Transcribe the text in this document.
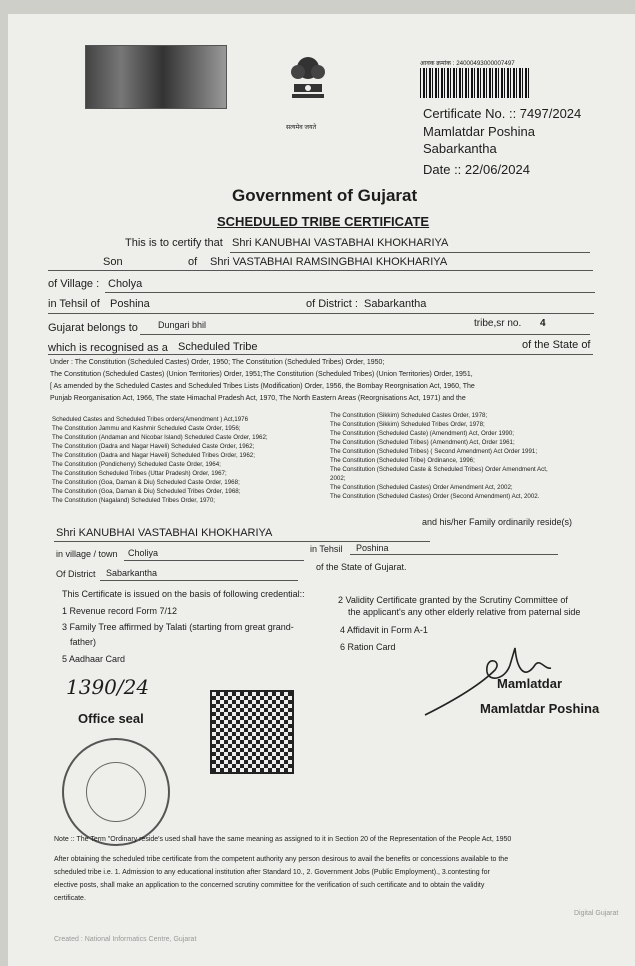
सत्यमेव जयते
आवक क्रमांक : 24000493000007497
Certificate No. :: 7497/2024
Mamlatdar Poshina
Sabarkantha
Date :: 22/06/2024
Government of Gujarat
SCHEDULED TRIBE CERTIFICATE
This is to certify that Shri KANUBHAI VASTABHAI KHOKHARIYA
Son	of Shri VASTABHAI RAMSINGBHAI KHOKHARIYA
of Village : Cholya
in Tehsil of Poshina	of District : Sabarkantha
Gujarat belongs to Dungari bhil	tribe,sr no. 4
which is recognised as a Scheduled Tribe	of the State of
Under : The Constitution (Scheduled Castes) Order, 1950; The Constitution (Scheduled Tribes) Order, 1950;
The Constitution (Scheduled Castes) (Union Territories) Order, 1951;The Constitution (Scheduled Tribes) (Union Territories) Order, 1951,
[ As amended by the Scheduled Castes and Scheduled Tribes Lists (Modification) Order, 1956, the Bombay Reorgnisation Act, 1960, The
Punjab Reorganisation Act, 1966, The state Himachal Pradesh Act, 1970, The North Eastern Areas (Reorgnisations Act, 1971) and the
Scheduled Castes and Scheduled Tribes orders(Amendment ) Act,1976
The Constitution Jammu and Kashmir Scheduled Caste Order, 1956;
The Constitution (Andaman and Nicobar Island) Scheduled Caste Order, 1962;
The Constitution (Dadra and Nagar Haveli) Scheduled Caste Order, 1962;
The Constitution (Dadra and Nagar Haveli) Scheduled Tribes Order, 1962;
The Constitution (Pondicherry) Scheduled Caste Order, 1964;
The Constitution Scheduled Tribes (Uttar Pradesh) Order, 1967;
The Constitution (Goa, Daman & Diu) Scheduled Caste Order, 1968;
The Constitution (Goa, Daman & Diu) Scheduled Tribes Order, 1968;
The Constitution (Nagaland) Scheduled Tribes Order, 1970;
The Constitution (Sikkim) Scheduled Castes Order, 1978;
The Constitution (Sikkim) Scheduled Tribes Order, 1978;
The Constitution (Scheduled Caste) (Amendment) Act, Order 1990;
The Constitution (Scheduled Tribes) (Amendment) Act, Order 1961;
The Constitution (Scheduled Tribes) ( Second Amendment) Act Order 1991;
The Constitution (Scheduled Tribe) Ordinance, 1996;
The Constitution (Scheduled Caste & Scheduled Tribes) Order Amendment Act,
2002;
The Constitution (Scheduled Castes) Order Amendment Act, 2002;
The Constitution (Scheduled Castes) Order (Second Amendment) Act, 2002.
Shri KANUBHAI VASTABHAI KHOKHARIYA
and his/her Family ordinarily reside(s)
in village / town Choliya	in Tehsil Poshina
Of District Sabarkantha
of the State of Gujarat.
This Certificate is issued on the basis of following credential::
1 Revenue record Form 7/12
3 Family Tree affirmed by Talati (starting from great grand-
father)
5 Aadhaar Card
2 Validity Certificate granted by the Scrutiny Committee of
the applicant's any other elderly relative from paternal side
4 Affidavit in Form A-1
6 Ration Card
1390/24
Office seal
Mamlatdar
Mamlatdar Poshina
Note :: The Term "Ordinary reside's used shall have the same meaning as assigned to it in Section 20 of the Representation of the People Act, 1950
After obtaining the scheduled tribe certificate from the competent authority any person desirous to avail the benefits or concessions available to the
scheduled tribe i.e. 1. Admission to any educational institution after Standard 10., 2. Government Jobs (Public Employment)., 3.contesting for
elective posts, shall make an application to the concerned scrutiny committee for the verification of such certificate and to obtain the validity
certificate.
Created : National Informatics Centre, Gujarat
Digital Gujarat
